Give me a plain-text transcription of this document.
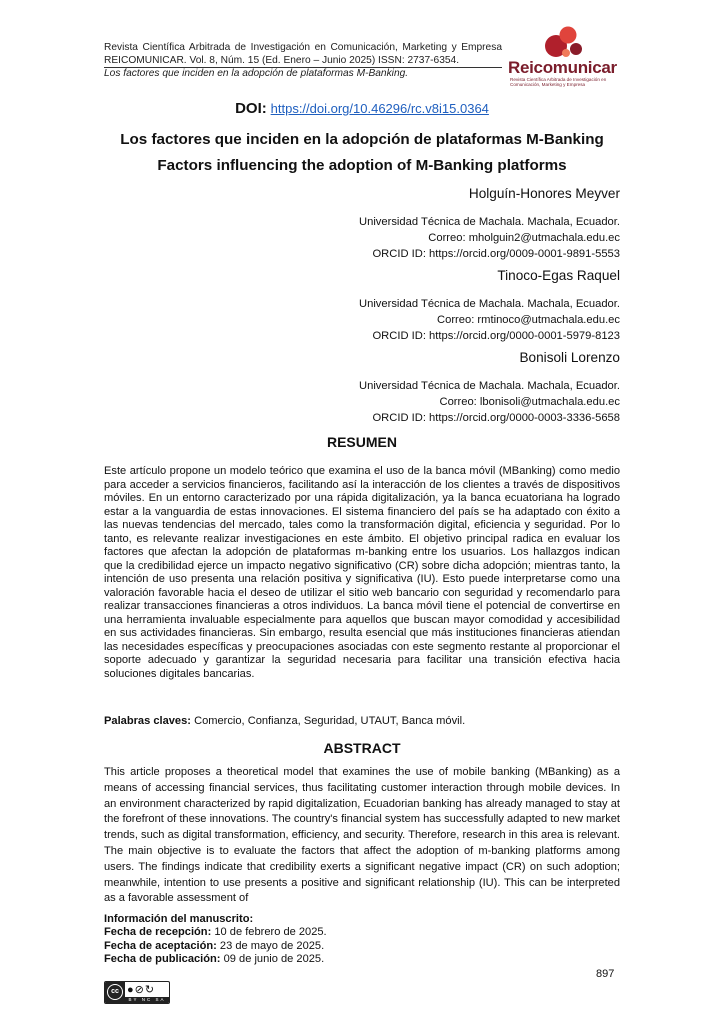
Revista Científica Arbitrada de Investigación en Comunicación, Marketing y Empresa
REICOMUNICAR. Vol. 8, Núm. 15 (Ed. Enero – Junio 2025) ISSN: 2737-6354.
Los factores que inciden en la adopción de plataformas M-Banking.	Reicomunicar
Revista Científica Arbitrada de Investigación en Comunicación, Marketing y Empresa
DOI: https://doi.org/10.46296/rc.v8i15.0364
Los factores que inciden en la adopción de plataformas M-Banking
Factors influencing the adoption of M-Banking platforms
Holguín-Honores Meyver
Universidad Técnica de Machala. Machala, Ecuador.
Correo: mholguin2@utmachala.edu.ec
ORCID ID: https://orcid.org/0009-0001-9891-5553
Tinoco-Egas Raquel
Universidad Técnica de Machala. Machala, Ecuador.
Correo: rmtinoco@utmachala.edu.ec
ORCID ID: https://orcid.org/0000-0001-5979-8123
Bonisoli Lorenzo
Universidad Técnica de Machala. Machala, Ecuador.
Correo: lbonisoli@utmachala.edu.ec
ORCID ID: https://orcid.org/0000-0003-3336-5658
RESUMEN
Este artículo propone un modelo teórico que examina el uso de la banca móvil (MBanking) como medio para acceder a servicios financieros, facilitando así la interacción de los clientes a través de dispositivos móviles. En un entorno caracterizado por una rápida digitalización, ya la banca ecuatoriana ha logrado estar a la vanguardia de estas innovaciones. El sistema financiero del país se ha adaptado con éxito a las nuevas tendencias del mercado, tales como la transformación digital, eficiencia y seguridad. Por lo tanto, es relevante realizar investigaciones en este ámbito. El objetivo principal radica en evaluar los factores que afectan la adopción de plataformas m-banking entre los usuarios. Los hallazgos indican que la credibilidad ejerce un impacto negativo significativo (CR) sobre dicha adopción; mientras tanto, la intención de uso presenta una relación positiva y significativa (IU). Esto puede interpretarse como una valoración favorable hacia el deseo de utilizar el sitio web bancario con seguridad y recomendarlo para realizar transacciones financieras a otros individuos. La banca móvil tiene el potencial de convertirse en una herramienta invaluable especialmente para aquellos que buscan mayor comodidad y accesibilidad en sus actividades financieras. Sin embargo, resulta esencial que más instituciones financieras atiendan las necesidades específicas y preocupaciones asociadas con este segmento restante al proporcionar el soporte adecuado y garantizar la seguridad necesaria para facilitar una transición efectiva hacia soluciones digitales bancarias.
Palabras claves: Comercio, Confianza, Seguridad, UTAUT, Banca móvil.
ABSTRACT
This article proposes a theoretical model that examines the use of mobile banking (MBanking) as a means of accessing financial services, thus facilitating customer interaction through mobile devices. In an environment characterized by rapid digitalization, Ecuadorian banking has already managed to stay at the forefront of these innovations. The country's financial system has successfully adapted to new market trends, such as digital transformation, efficiency, and security. Therefore, research in this area is relevant. The main objective is to evaluate the factors that affect the adoption of m-banking platforms among users. The findings indicate that credibility exerts a significant negative impact (CR) on such adoption; meanwhile, intention to use presents a positive and significant relationship (IU). This can be interpreted as a favorable assessment of
Información del manuscrito:
Fecha de recepción: 10 de febrero de 2025.
Fecha de aceptación: 23 de mayo de 2025.
Fecha de publicación: 09 de junio de 2025.
897
cc ●⊘↻
BY NC SA
